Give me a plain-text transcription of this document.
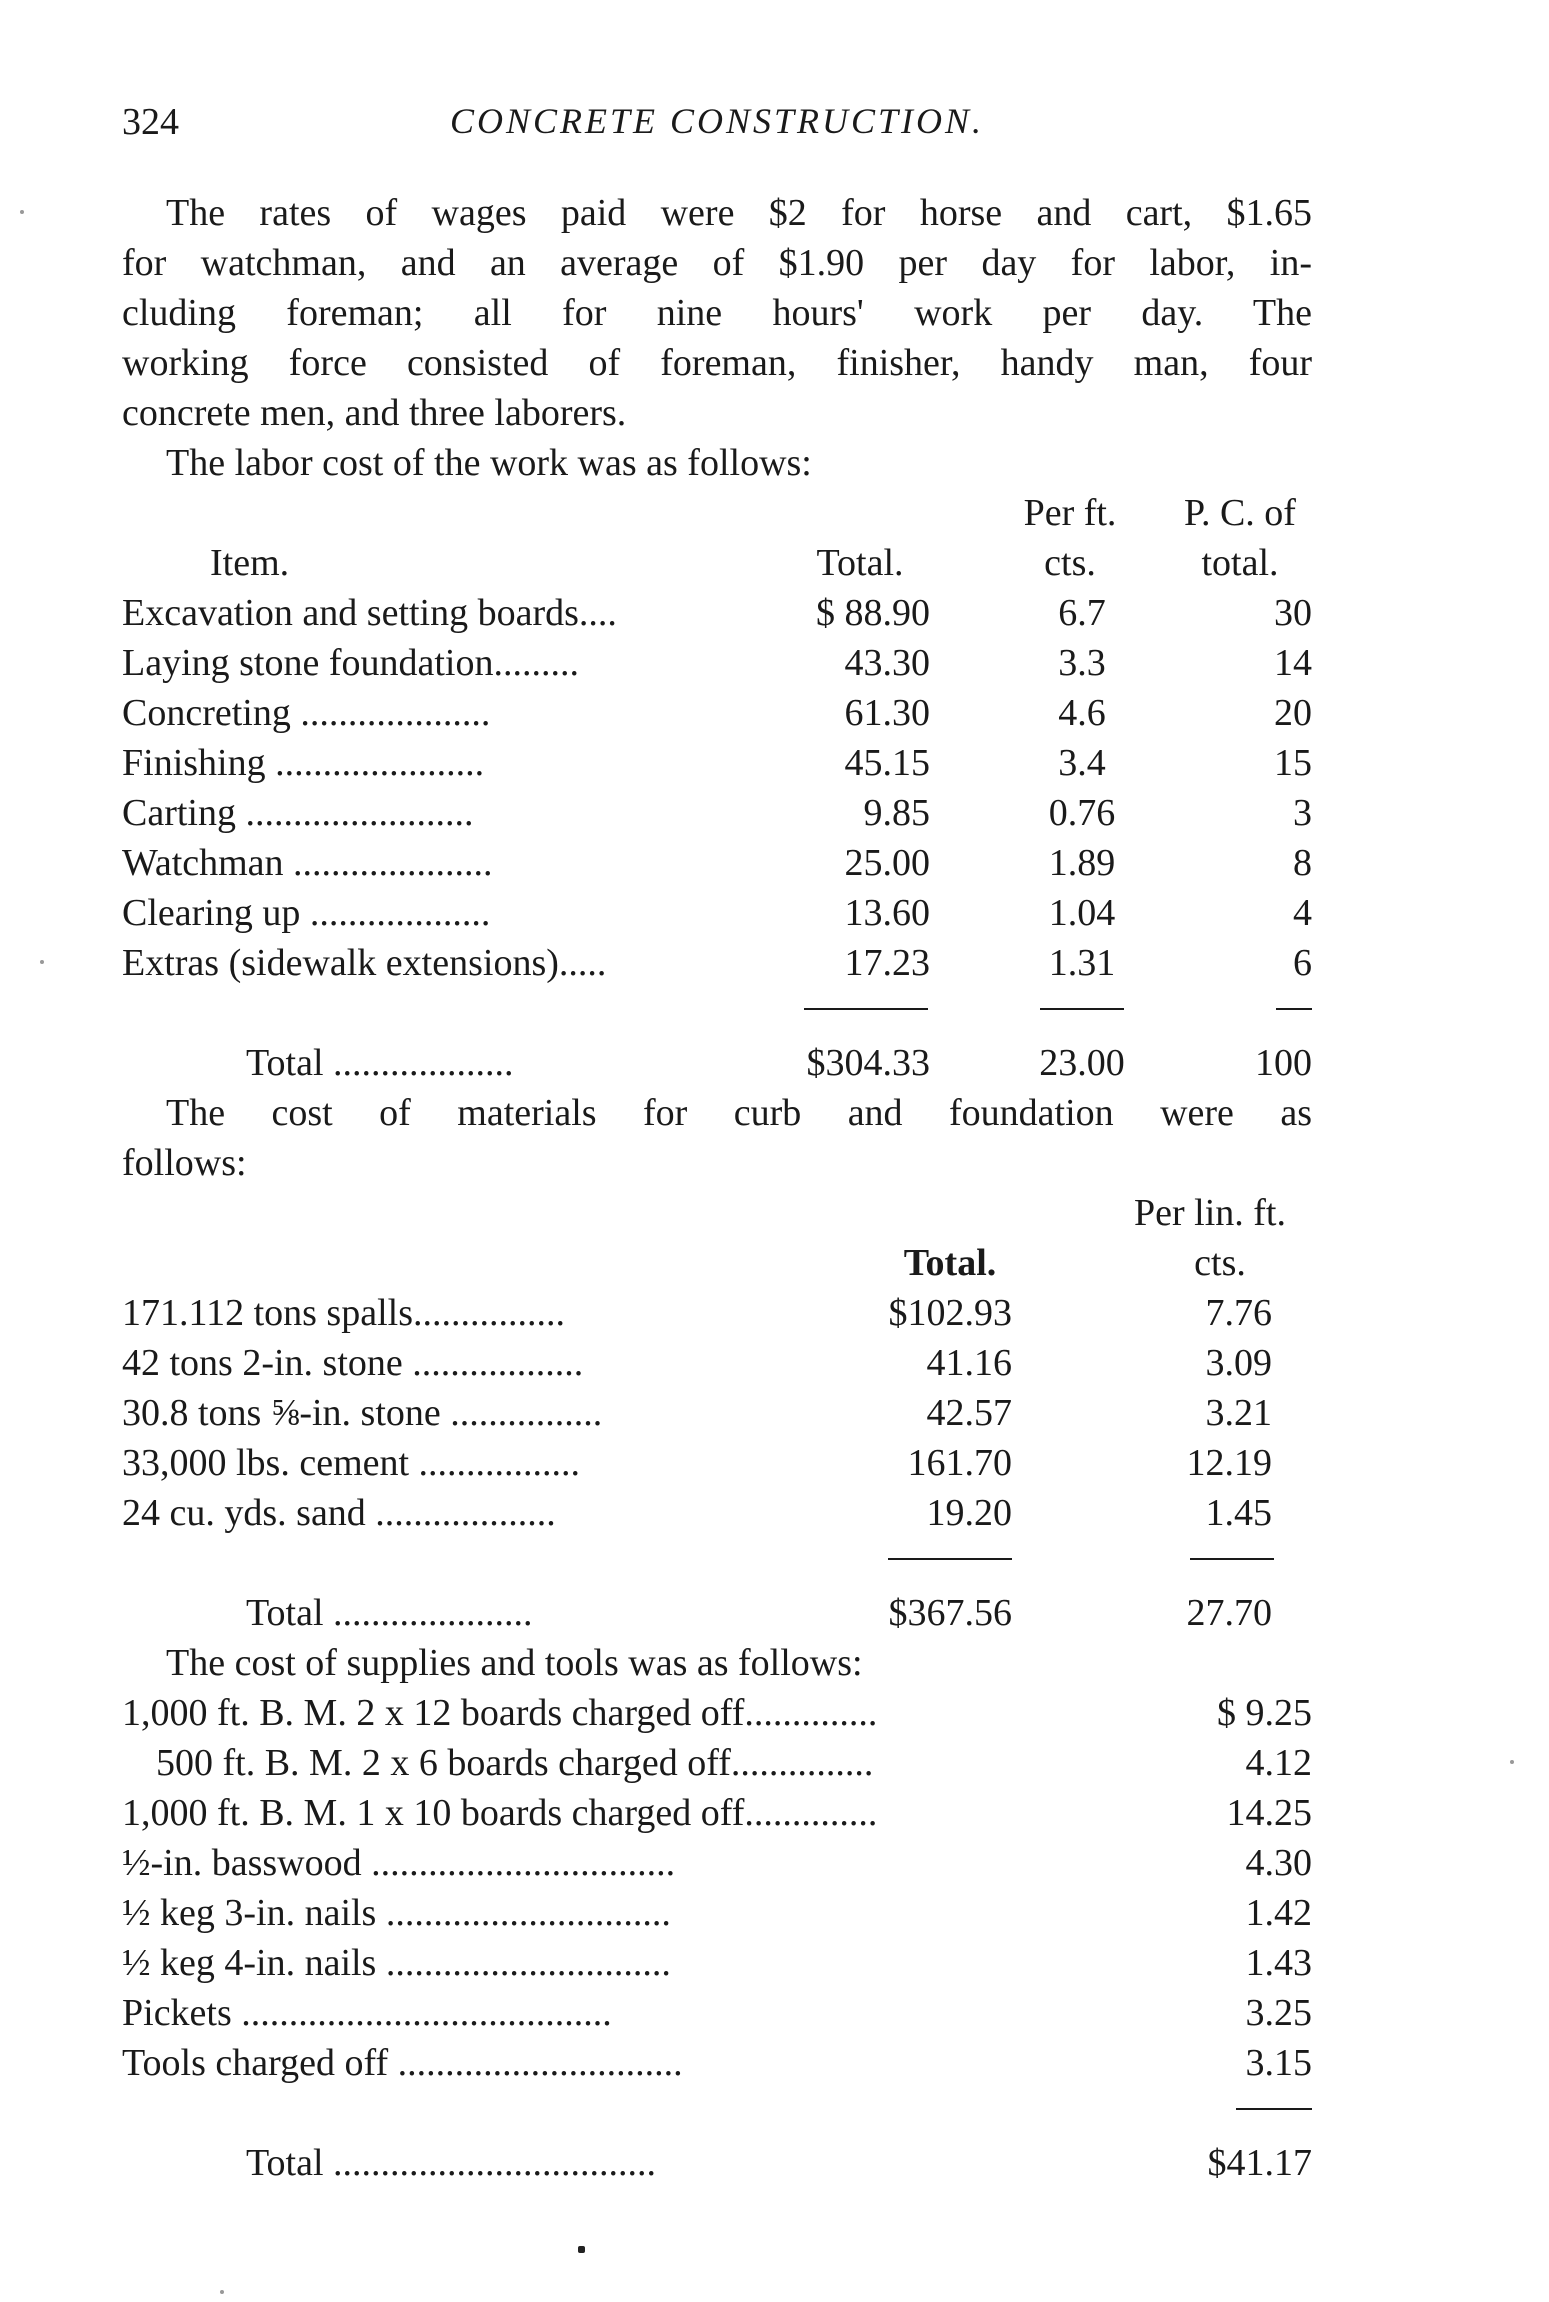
324	CONCRETE CONSTRUCTION.
The rates of wages paid were $2 for horse and cart, $1.65
for watchman, and an average of $1.90 per day for labor, in-
cluding foreman; all for nine hours' work per day. The
working force consisted of foreman, finisher, handy man, four
concrete men, and three laborers.
The labor cost of the work was as follows:
Per ft.	P. C. of
Item.	Total.	cts.	total.
Excavation and setting boards....	$ 88.90	6.7	30
Laying stone foundation.........	43.30	3.3	14
Concreting ....................	61.30	4.6	20
Finishing ......................	45.15	3.4	15
Carting ........................	9.85	0.76	3
Watchman .....................	25.00	1.89	8
Clearing up ...................	13.60	1.04	4
Extras (sidewalk extensions).....	17.23	1.31	6
Total ...................	$304.33	23.00	100
The cost of materials for curb and foundation were as
follows:
Per lin. ft.
Total.	cts.
171.112 tons spalls................	$102.93	7.76
42 tons 2-in. stone ..................	41.16	3.09
30.8 tons ⅝-in. stone ................	42.57	3.21
33,000 lbs. cement .................	161.70	12.19
24 cu. yds. sand ...................	19.20	1.45
Total .....................	$367.56	27.70
The cost of supplies and tools was as follows:
1,000 ft. B. M. 2 x 12 boards charged off..............	$ 9.25
500 ft. B. M. 2 x 6 boards charged off...............	4.12
1,000 ft. B. M. 1 x 10 boards charged off..............	14.25
½-in. basswood ................................	4.30
½ keg 3-in. nails ..............................	1.42
½ keg 4-in. nails ..............................	1.43
Pickets .......................................	3.25
Tools charged off ..............................	3.15
Total ..................................	$41.17
